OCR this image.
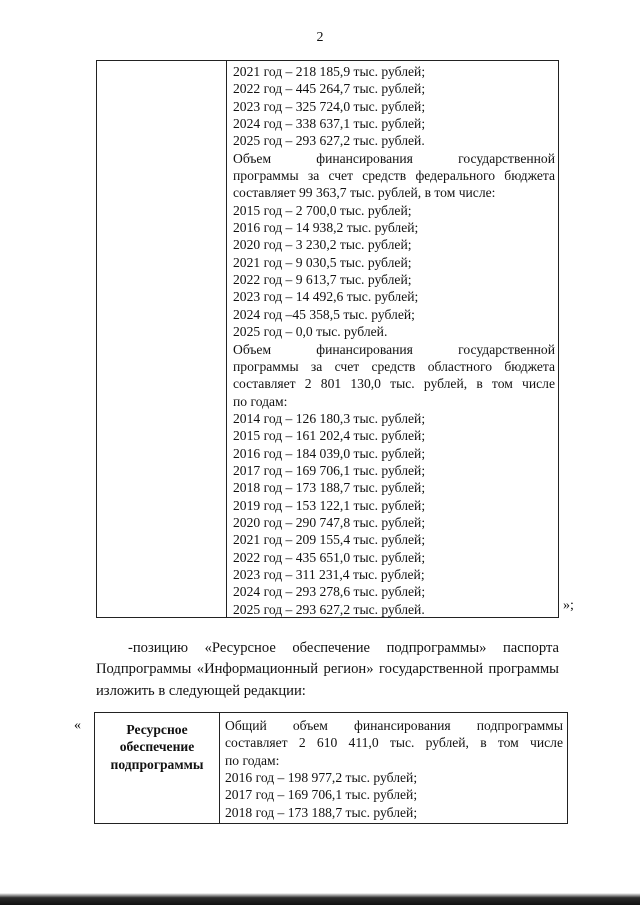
2
2021 год – 218 185,9 тыс. рублей;
2022 год – 445 264,7 тыс. рублей;
2023 год – 325 724,0 тыс. рублей;
2024 год – 338 637,1 тыс. рублей;
2025 год – 293 627,2 тыс. рублей.
Объем финансирования государственной
программы за счет средств федерального бюджета
составляет 99 363,7 тыс. рублей, в том числе:
2015 год – 2 700,0 тыс. рублей;
2016 год – 14 938,2 тыс. рублей;
2020 год – 3 230,2 тыс. рублей;
2021 год – 9 030,5 тыс. рублей;
2022 год – 9 613,7 тыс. рублей;
2023 год – 14 492,6 тыс. рублей;
2024 год –45 358,5 тыс. рублей;
2025 год – 0,0 тыс. рублей.
Объем финансирования государственной
программы за счет средств областного бюджета
составляет 2 801 130,0 тыс. рублей, в том числе
по годам:
2014 год – 126 180,3 тыс. рублей;
2015 год – 161 202,4 тыс. рублей;
2016 год – 184 039,0 тыс. рублей;
2017 год – 169 706,1 тыс. рублей;
2018 год – 173 188,7 тыс. рублей;
2019 год – 153 122,1 тыс. рублей;
2020 год – 290 747,8 тыс. рублей;
2021 год – 209 155,4 тыс. рублей;
2022 год – 435 651,0 тыс. рублей;
2023 год – 311 231,4 тыс. рублей;
2024 год – 293 278,6 тыс. рублей;
2025 год – 293 627,2 тыс. рублей.	»;
-позицию «Ресурсное обеспечение подпрограммы» паспорта
Подпрограммы «Информационный регион» государственной программы
изложить в следующей редакции:
«	Ресурсное
обеспечение
подпрограммы
Общий объем финансирования подпрограммы
составляет 2 610 411,0 тыс. рублей, в том числе
по годам:
2016 год – 198 977,2 тыс. рублей;
2017 год – 169 706,1 тыс. рублей;
2018 год – 173 188,7 тыс. рублей;
